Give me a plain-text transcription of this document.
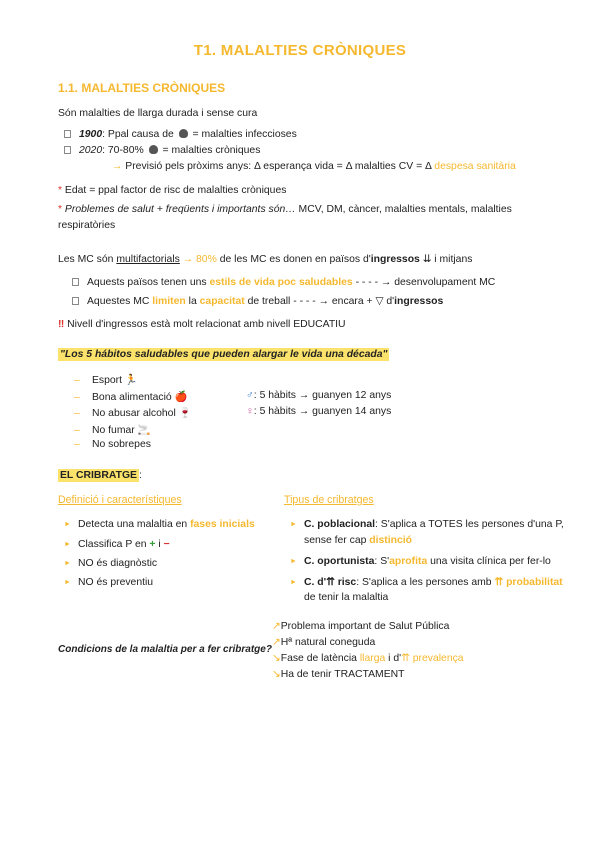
T1. MALALTIES CRÒNIQUES
1.1. MALALTIES CRÒNIQUES
Són malalties de llarga durada i sense cura
1900: Ppal causa de  = malalties infeccioses
2020: 70-80%  = malalties cròniques
→ Previsió pels pròxims anys: Δ esperança vida = Δ malalties CV = Δ despesa sanitària
* Edat = ppal factor de risc de malalties cròniques
* Problemes de salut + freqüents i importants són… MCV, DM, càncer, malalties mentals, malalties
respiratòries
Les MC són multifactorials → 80% de les MC es donen en països d'ingressos ⇊ i mitjans
Aquests països tenen uns estils de vida poc saludables - - - - → desenvolupament MC
Aquestes MC limiten la capacitat de treball - - - - → encara + ▽ d'ingressos
‼ Nivell d'ingressos està molt relacionat amb nivell EDUCATIU
"Los 5 hábitos saludables que pueden alargar le vida una década"
– Esport 🏃
– Bona alimentació 🍎
– No abusar alcohol 🍷
– No fumar 🚬
– No sobrepes
♂: 5 hàbits → guanyen 12 anys
♀: 5 hàbits → guanyen 14 anys
EL CRIBRATGE :
Definició i característiques	Tipus de cribratges
► Detecta una malaltia en fases inicials
► Classifica P en + i −
► NO és diagnòstic
► NO és preventiu
► C. poblacional: S'aplica a TOTES les persones d'una P,
sense fer cap distinció
► C. oportunista: S'aprofita una visita clínica per fer-lo
► C. d'⇈ risc: S'aplica a les persones amb ⇈ probabilitat
de tenir la malaltia
Condicions de la malaltia per a fer cribratge?
↗Problema important de Salut Pública
↗Hª natural coneguda
↘Fase de latència llarga i d'⇈ prevalença
↘Ha de tenir TRACTAMENT
